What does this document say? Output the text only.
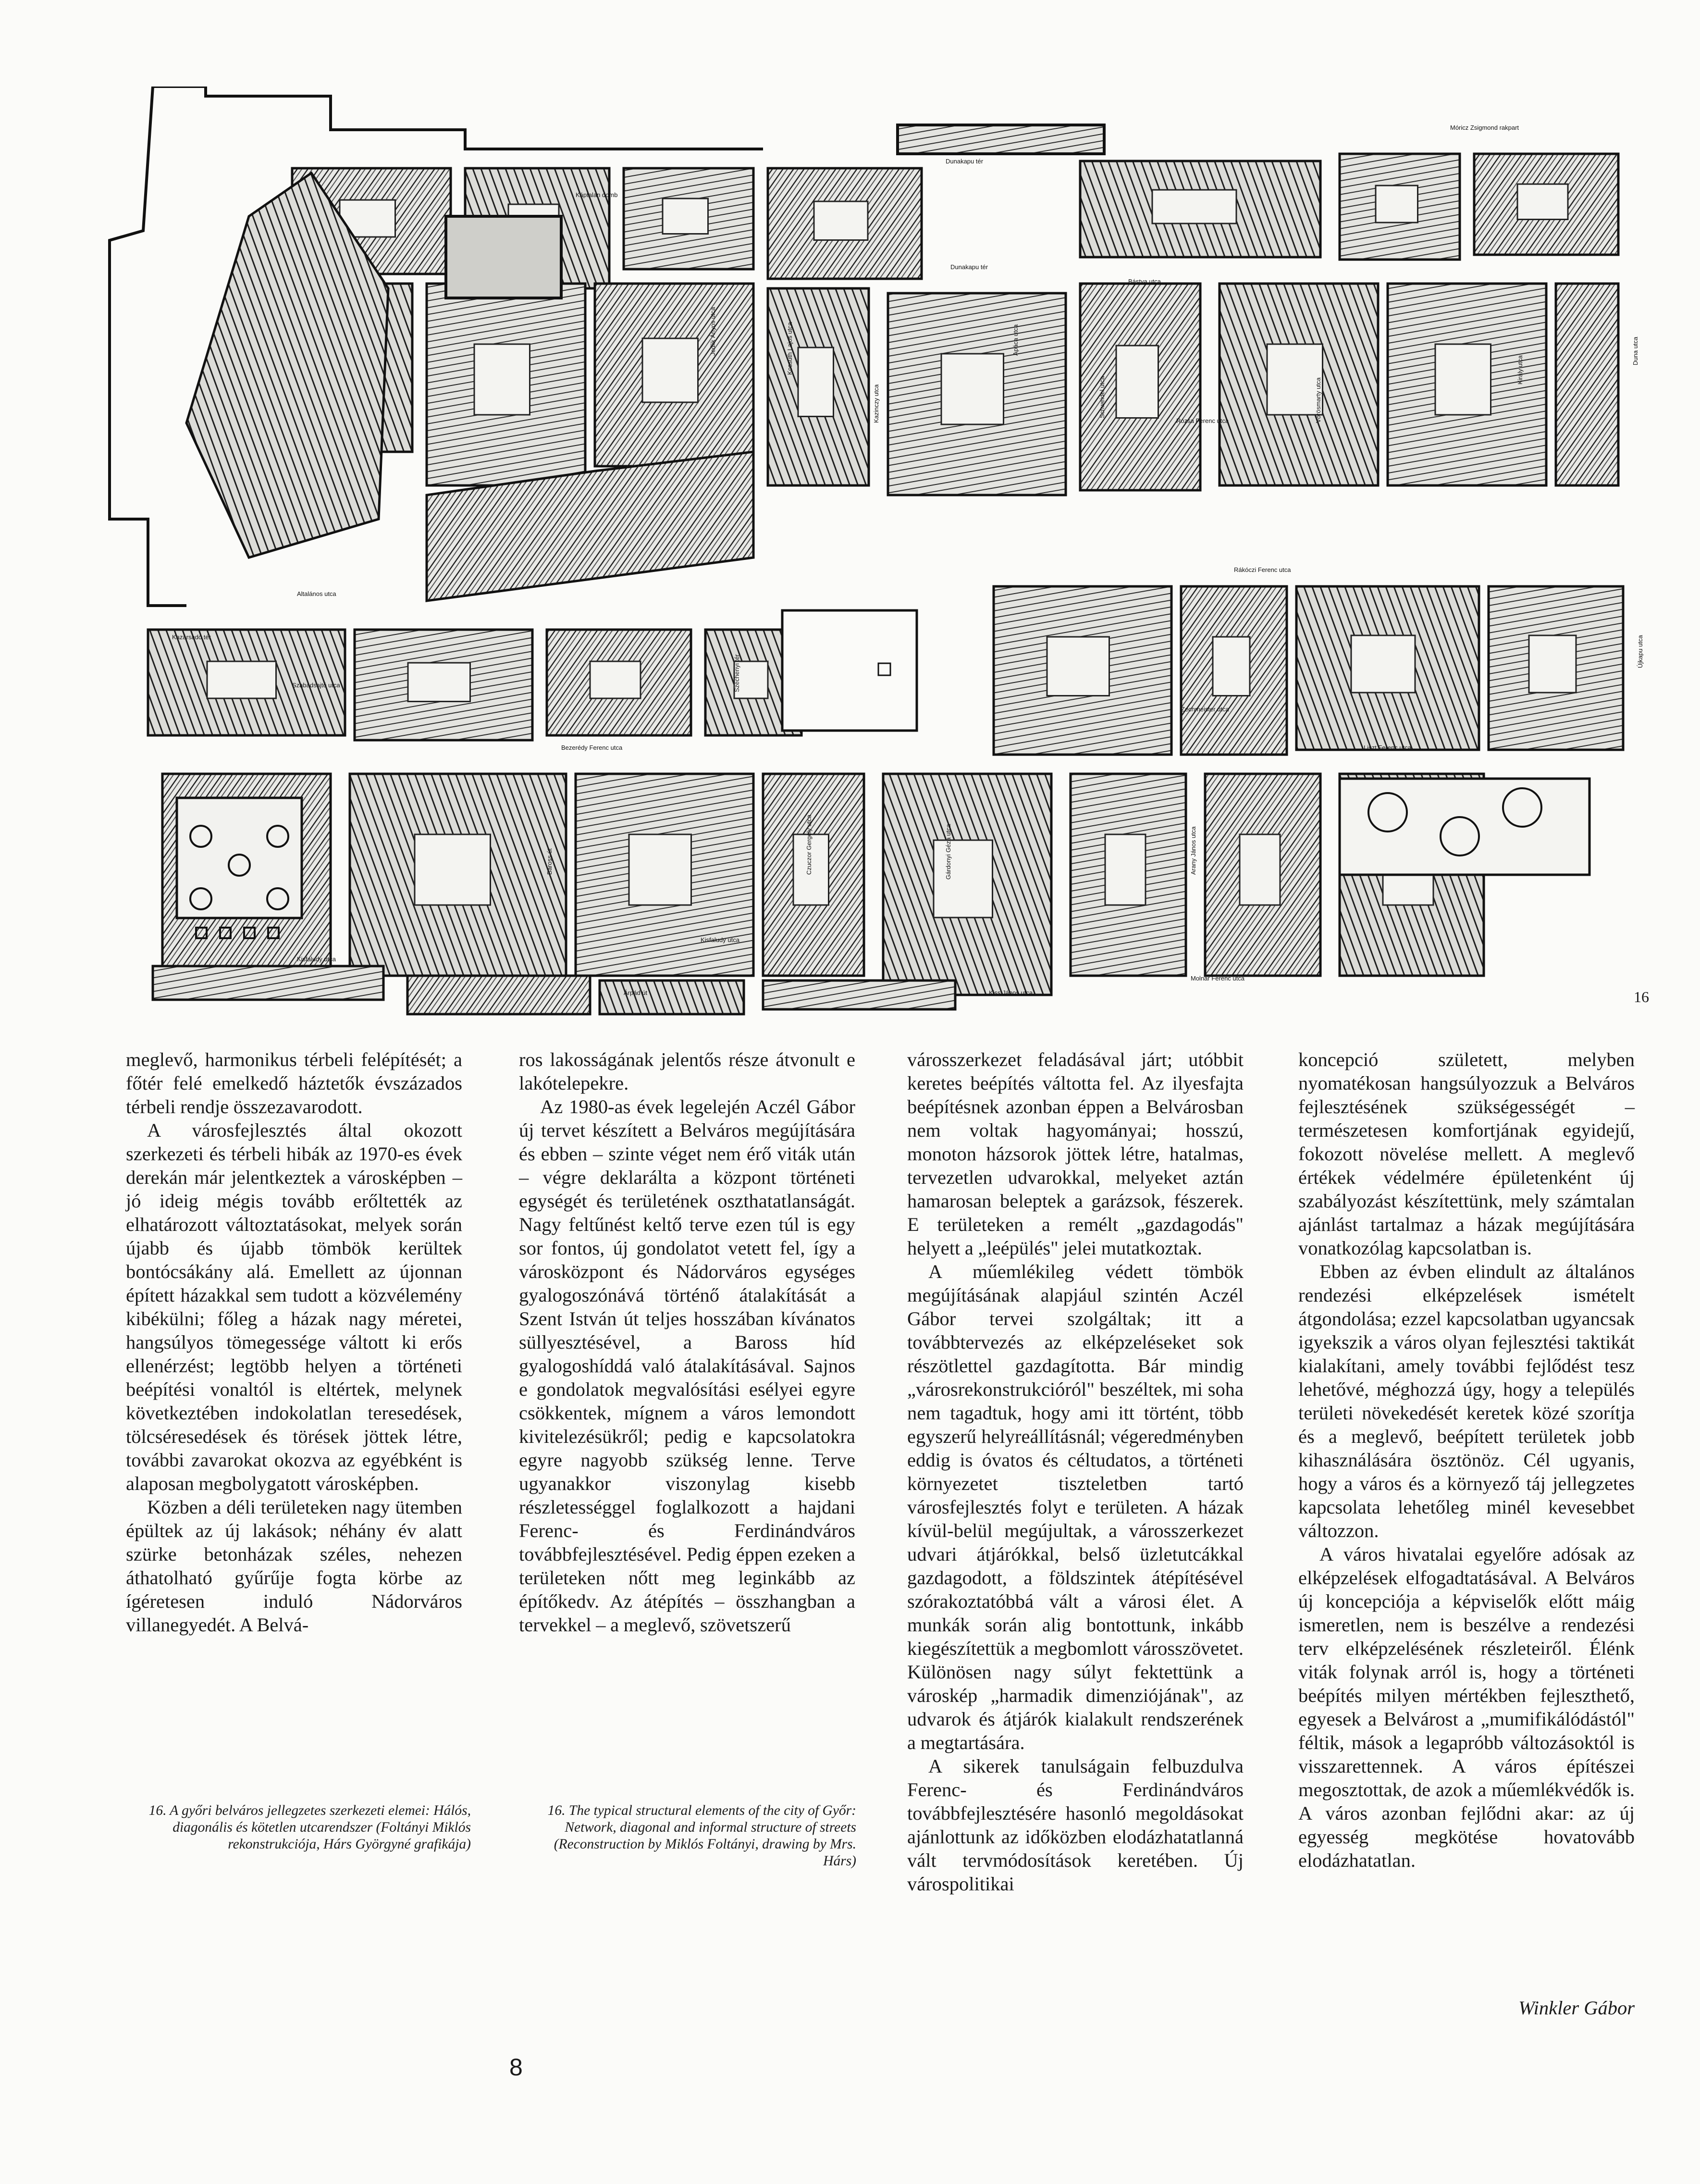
Dunakapu tér
Káptalan domb
Dunakapu tér
Móricz Zsigmond rakpart
Bástya utca
Rózsa Ferenc utca
Kossuth Lajos utca	Apáca utca
Rákóczi Ferenc utca
Duna utca
Schweidel utca
Kazinczy utca
Jedlik Ányos utca
Vörösmarty utca
Király utca
Altalános utca
Szabadsajtó utca
Kisfaludy utca
Bezerédy Ferenc utca
Széchenyi tér
Czuczor Gergely utca
Baross út
Árpád út
Arany János utca
Liszt Ferenc utca
Molnár Ferenc utca
Kiss János utca
Kazársadó tér
Gárdonyi Géza utca
Újkapu utca
Kisfaludy utca
Zechmeister utca
16

meglevő, harmonikus térbeli felépítését; a főtér felé emelkedő háztetők évszázados térbeli rendje összezavarodott.

A városfejlesztés által okozott szerkezeti és térbeli hibák az 1970-es évek derekán már jelentkeztek a városképben – jó ideig mégis tovább erőltették az elhatározott változtatásokat, melyek során újabb és újabb tömbök kerültek bontócsákány alá. Emellett az újonnan épített házakkal sem tudott a közvélemény kibékülni; főleg a házak nagy méretei, hangsúlyos tömegessége váltott ki erős ellenérzést; legtöbb helyen a történeti beépítési vonaltól is eltértek, melynek következtében indokolatlan teresedések, tölcséresedések és törések jöttek létre, további zavarokat okozva az egyébként is alaposan megbolygatott városképben.

Közben a déli területeken nagy ütemben épültek az új lakások; néhány év alatt szürke betonházak széles, nehezen áthatolható gyűrűje fogta körbe az ígéretesen induló Nádorváros villanegyedét. A Belvá-

ros lakosságának jelentős része átvonult e lakótelepekre.

Az 1980-as évek legelején Aczél Gábor új tervet készített a Belváros megújítására és ebben – szinte véget nem érő viták után – végre deklarálta a központ történeti egységét és területének oszthatatlanságát. Nagy feltűnést keltő terve ezen túl is egy sor fontos, új gondolatot vetett fel, így a városközpont és Nádorváros egységes gyalogoszónává történő átalakítását a Szent István út teljes hosszában kívánatos süllyesztésével, a Baross híd gyalogoshíddá való átalakításával. Sajnos e gondolatok megvalósítási esélyei egyre csökkentek, mígnem a város lemondott kivitelezésükről; pedig e kapcsolatokra egyre nagyobb szükség lenne. Terve ugyanakkor viszonylag kisebb részletességgel foglalkozott a hajdani Ferenc- és Ferdinándváros továbbfejlesztésével. Pedig éppen ezeken a területeken nőtt meg leginkább az építőkedv. Az átépítés – összhangban a tervekkel – a meglevő, szövetszerű

városszerkezet feladásával járt; utóbbit keretes beépítés váltotta fel. Az ilyesfajta beépítésnek azonban éppen a Belvárosban nem voltak hagyományai; hosszú, monoton házsorok jöttek létre, hatalmas, tervezetlen udvarokkal, melyeket aztán hamarosan beleptek a garázsok, fészerek. E területeken a remélt „gazdagodás" helyett a „leépülés" jelei mutatkoztak.

A műemlékileg védett tömbök megújításának alapjául szintén Aczél Gábor tervei szolgáltak; itt a továbbtervezés az elképzeléseket sok részötlettel gazdagította. Bár mindig „városrekonstrukcióról" beszéltek, mi soha nem tagadtuk, hogy ami itt történt, több egyszerű helyreállításnál; végeredményben eddig is óvatos és céltudatos, a történeti környezetet tiszteletben tartó városfejlesztés folyt e területen. A házak kívül-belül megújultak, a városszerkezet udvari átjárókkal, belső üzletutcákkal gazdagodott, a földszintek átépítésével szórakoztatóbbá vált a városi élet. A munkák során alig bontottunk, inkább kiegészítettük a megbomlott városszövetet. Különösen nagy súlyt fektettünk a városkép „harmadik dimenziójának", az udvarok és átjárók kialakult rendszerének a megtartására.

A sikerek tanulságain felbuzdulva Ferenc- és Ferdinándváros továbbfejlesztésére hasonló megoldásokat ajánlottunk az időközben elodázhatatlanná vált tervmódosítások keretében. Új várospolitikai

koncepció született, melyben nyomatékosan hangsúlyozzuk a Belváros fejlesztésének szükségességét – természetesen komfortjának egyidejű, fokozott növelése mellett. A meglevő értékek védelmére épületenként új szabályozást készítettünk, mely számtalan ajánlást tartalmaz a házak megújítására vonatkozólag kapcsolatban is.

Ebben az évben elindult az általános rendezési elképzelések ismételt átgondolása; ezzel kapcsolatban ugyancsak igyekszik a város olyan fejlesztési taktikát kialakítani, amely további fejlődést tesz lehetővé, méghozzá úgy, hogy a település területi növekedését keretek közé szorítja és a meglevő, beépített területek jobb kihasználására ösztönöz. Cél ugyanis, hogy a város és a környező táj jellegzetes kapcsolata lehetőleg minél kevesebbet változzon.

A város hivatalai egyelőre adósak az elképzelések elfogadtatásával. A Belváros új koncepciója a képviselők előtt máig ismeretlen, nem is beszélve a rendezési terv elképzelésének részleteiről. Élénk viták folynak arról is, hogy a történeti beépítés milyen mértékben fejleszthető, egyesek a Belvárost a „mumifikálódástól" féltik, mások a legapróbb változásoktól is visszarettennek. A város építészei megosztottak, de azok a műemlékvédők is. A város azonban fejlődni akar: az új egyesség megkötése hovatovább elodázhatatlan.

16. A győri belváros jellegzetes szerkezeti elemei: Hálós, diagonális és kötetlen utcarendszer (Foltányi Miklós rekonstrukciója, Hárs Györgyné grafikája)
16. The typical structural elements of the city of Győr: Network, diagonal and informal structure of streets (Reconstruction by Miklós Foltányi, drawing by Mrs. Hárs)
Winkler Gábor
8
